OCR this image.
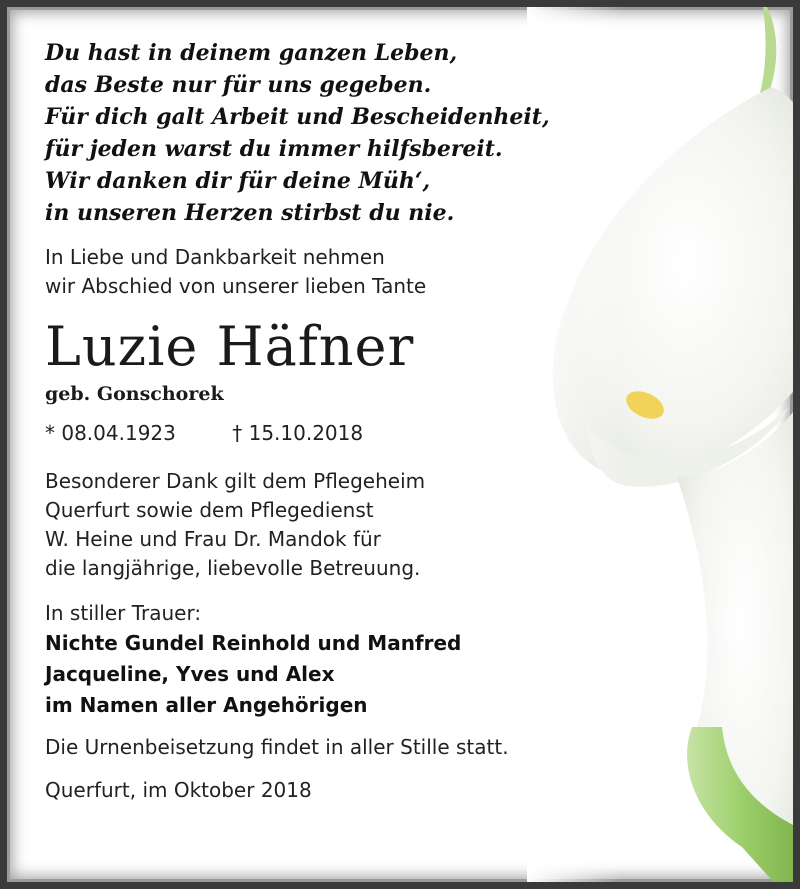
Du hast in deinem ganzen Leben,
das Beste nur für uns gegeben.
Für dich galt Arbeit und Bescheidenheit,
für jeden warst du immer hilfsbereit.
Wir danken dir für deine Müh‘,
in unseren Herzen stirbst du nie.
In Liebe und Dankbarkeit nehmen
wir Abschied von unserer lieben Tante
Luzie Häfner
geb. Gonschorek
* 08.04.1923	† 15.10.2018
Besonderer Dank gilt dem Pflegeheim
Querfurt sowie dem Pflegedienst
W. Heine und Frau Dr. Mandok für
die langjährige, liebevolle Betreuung.
In stiller Trauer:
Nichte Gundel Reinhold und Manfred
Jacqueline, Yves und Alex
im Namen aller Angehörigen
Die Urnenbeisetzung findet in aller Stille statt.
Querfurt, im Oktober 2018
